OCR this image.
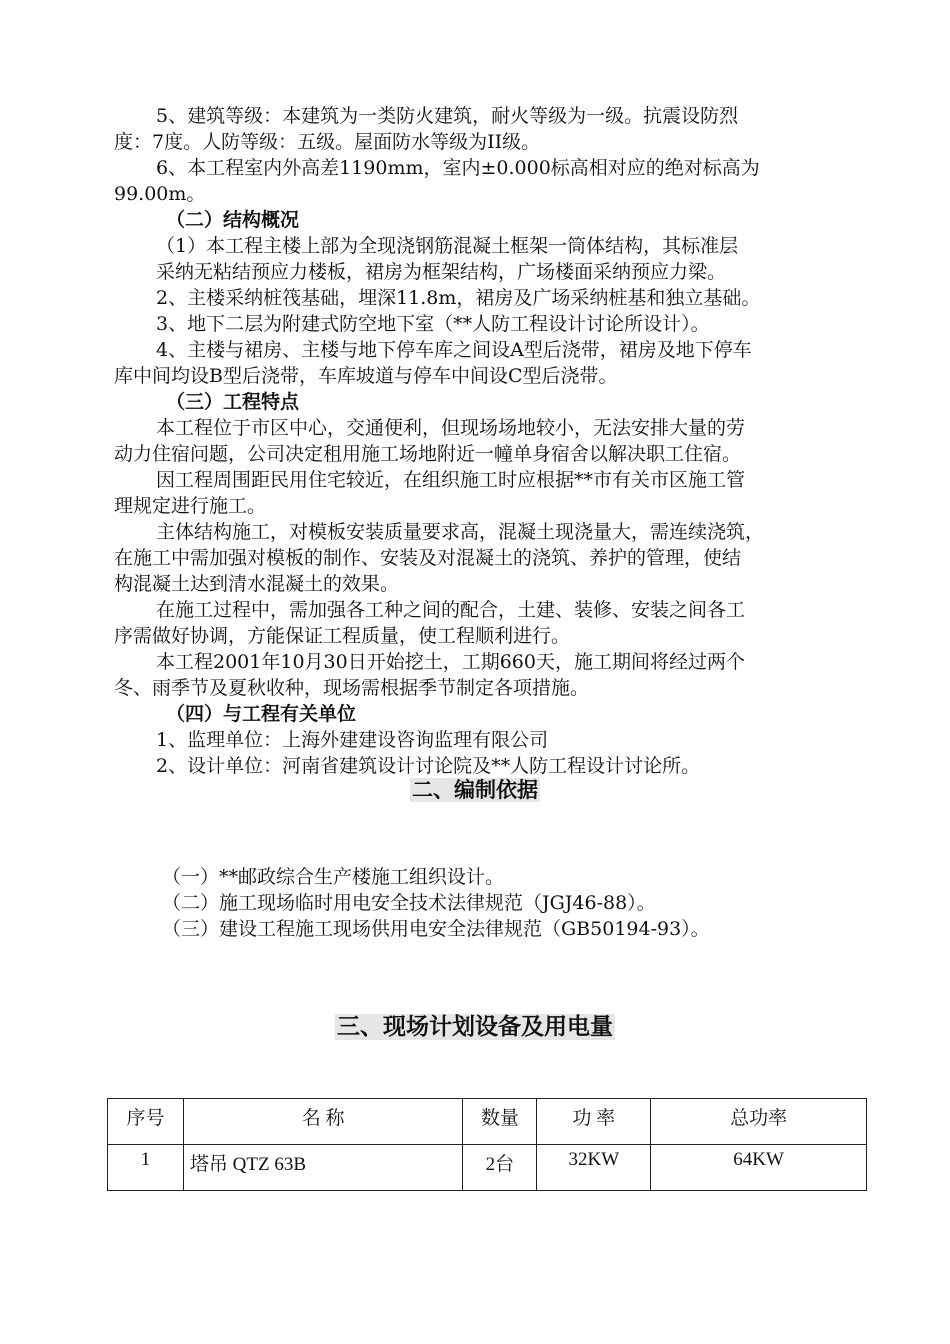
5、建筑等级：本建筑为一类防火建筑，耐火等级为一级。抗震设防烈
度：7度。人防等级：五级。屋面防水等级为II级。
6、本工程室内外高差1190mm，室内±0.000标高相对应的绝对标高为
99.00m。
（二）结构概况
（1）本工程主楼上部为全现浇钢筋混凝土框架一筒体结构，其标准层
采纳无粘结预应力楼板，裙房为框架结构，广场楼面采纳预应力梁。
2、主楼采纳桩筏基础，埋深11.8m，裙房及广场采纳桩基和独立基础。
3、地下二层为附建式防空地下室（**人防工程设计讨论所设计）。
4、主楼与裙房、主楼与地下停车库之间设A型后浇带，裙房及地下停车
库中间均设B型后浇带，车库坡道与停车中间设C型后浇带。
（三）工程特点
本工程位于市区中心，交通便利，但现场场地较小，无法安排大量的劳
动力住宿问题，公司决定租用施工场地附近一幢单身宿舍以解决职工住宿。
因工程周围距民用住宅较近，在组织施工时应根据**市有关市区施工管
理规定进行施工。
主体结构施工，对模板安装质量要求高，混凝土现浇量大，需连续浇筑，
在施工中需加强对模板的制作、安装及对混凝土的浇筑、养护的管理，使结
构混凝土达到清水混凝土的效果。
在施工过程中，需加强各工种之间的配合，土建、装修、安装之间各工
序需做好协调，方能保证工程质量，使工程顺利进行。
本工程2001年10月30日开始挖土，工期660天，施工期间将经过两个
冬、雨季节及夏秋收种，现场需根据季节制定各项措施。
（四）与工程有关单位
1、监理单位：上海外建建设咨询监理有限公司
2、设计单位：河南省建筑设计讨论院及**人防工程设计讨论所。
二、编制依据
（一）**邮政综合生产楼施工组织设计。
（二）施工现场临时用电安全技术法律规范（JGJ46-88）。
（三）建设工程施工现场供用电安全法律规范（GB50194-93）。
三、现场计划设备及用电量
序号	名 称	数量	功 率	总功率
1	塔吊 QTZ 63B	2台	32KW	64KW
